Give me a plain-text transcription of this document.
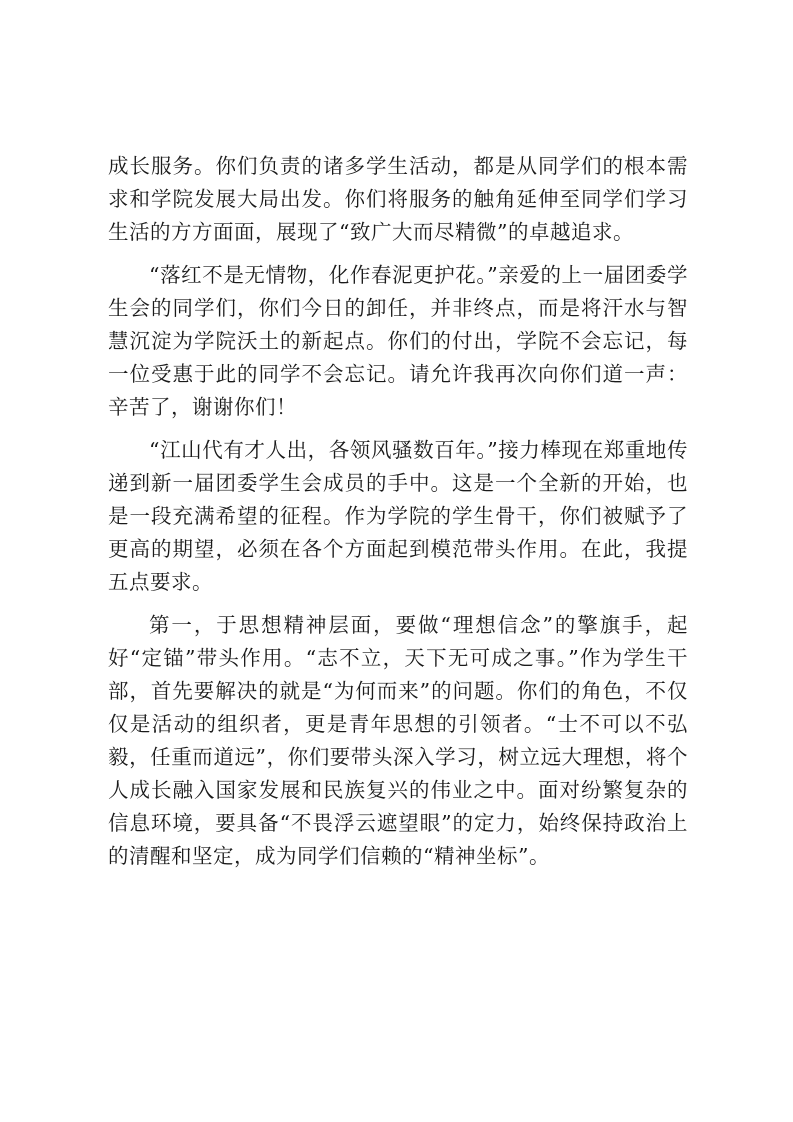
成长服务。你们负责的诸多学生活动，都是从同学们的根本需求和学院发展大局出发。你们将服务的触角延伸至同学们学习生活的方方面面，展现了“致广大而尽精微”的卓越追求。

“落红不是无情物，化作春泥更护花。”亲爱的上一届团委学生会的同学们，你们今日的卸任，并非终点，而是将汗水与智慧沉淀为学院沃土的新起点。你们的付出，学院不会忘记，每一位受惠于此的同学不会忘记。请允许我再次向你们道一声：辛苦了，谢谢你们！

“江山代有才人出，各领风骚数百年。”接力棒现在郑重地传递到新一届团委学生会成员的手中。这是一个全新的开始，也是一段充满希望的征程。作为学院的学生骨干，你们被赋予了更高的期望，必须在各个方面起到模范带头作用。在此，我提五点要求。

第一，于思想精神层面，要做“理想信念”的擎旗手，起好“定锚”带头作用。“志不立，天下无可成之事。”作为学生干部，首先要解决的就是“为何而来”的问题。你们的角色，不仅仅是活动的组织者，更是青年思想的引领者。“士不可以不弘毅，任重而道远”，你们要带头深入学习，树立远大理想，将个人成长融入国家发展和民族复兴的伟业之中。面对纷繁复杂的信息环境，要具备“不畏浮云遮望眼”的定力，始终保持政治上的清醒和坚定，成为同学们信赖的“精神坐标”。
